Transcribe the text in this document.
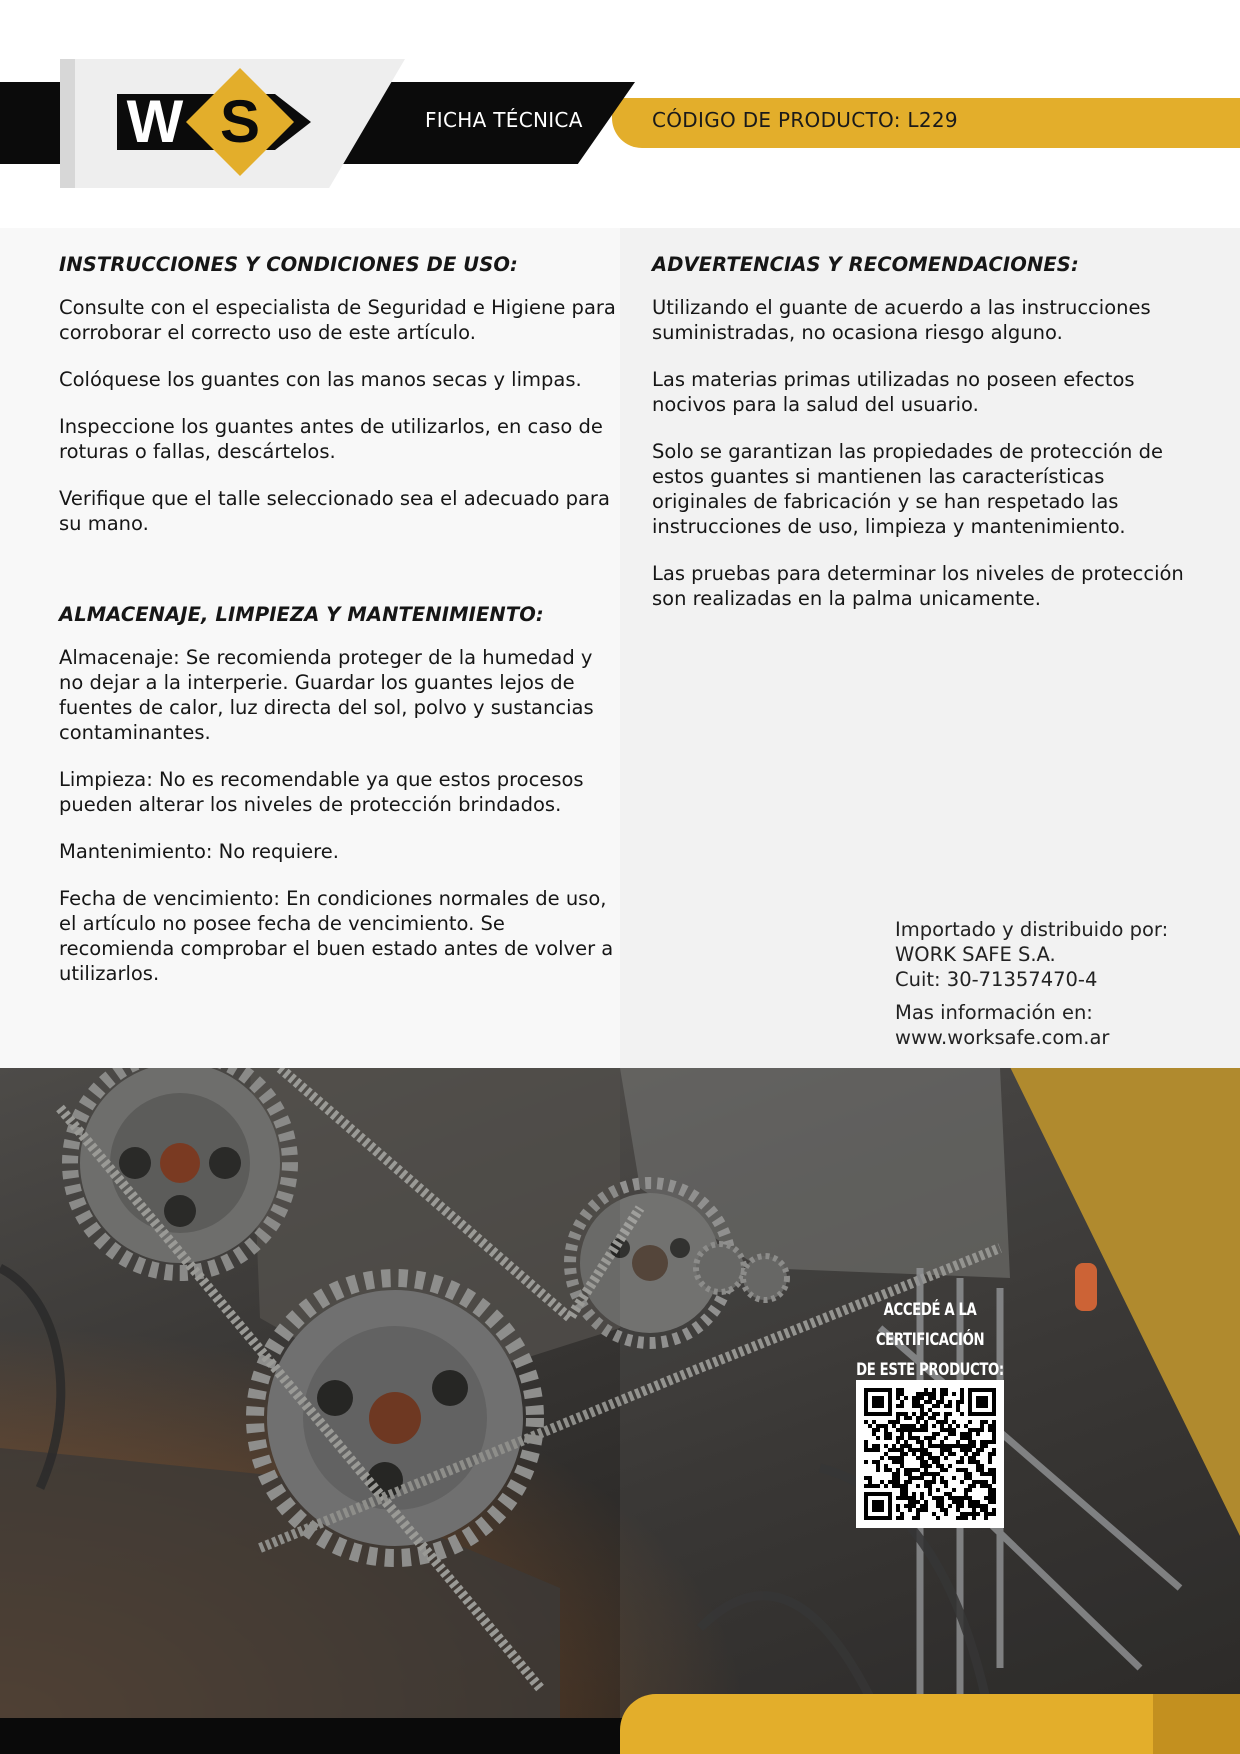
W S	FICHA TÉCNICA	CÓDIGO DE PRODUCTO: L229
INSTRUCCIONES Y CONDICIONES DE USO:

Consulte con el especialista de Seguridad e Higiene para corroborar el correcto uso de este artículo.

Colóquese los guantes con las manos secas y limpas.

Inspeccione los guantes antes de utilizarlos, en caso de roturas o fallas, descártelos.

Verifique que el talle seleccionado sea el adecuado para su mano.

ALMACENAJE, LIMPIEZA Y MANTENIMIENTO:

Almacenaje: Se recomienda proteger de la humedad y no dejar a la interperie. Guardar los guantes lejos de fuentes de calor, luz directa del sol, polvo y sustancias contaminantes.

Limpieza: No es recomendable ya que estos procesos pueden alterar los niveles de protección brindados.

Mantenimiento: No requiere.

Fecha de vencimiento: En condiciones normales de uso, el artículo no posee fecha de vencimiento. Se recomienda comprobar el buen estado antes de volver a utilizarlos.

ADVERTENCIAS Y RECOMENDACIONES:

Utilizando el guante de acuerdo a las instrucciones suministradas, no ocasiona riesgo alguno.

Las materias primas utilizadas no poseen efectos nocivos para la salud del usuario.

Solo se garantizan las propiedades de protección de estos guantes si mantienen las características originales de fabricación y se han respetado las instrucciones de uso, limpieza y mantenimiento.

Las pruebas para determinar los niveles de protección son realizadas en la palma unicamente.

Importado y distribuido por:
WORK SAFE S.A.
Cuit: 30-71357470-4
Mas información en:
www.worksafe.com.ar
ACCEDÉ A LA CERTIFICACIÓN
DE ESTE PRODUCTO:
